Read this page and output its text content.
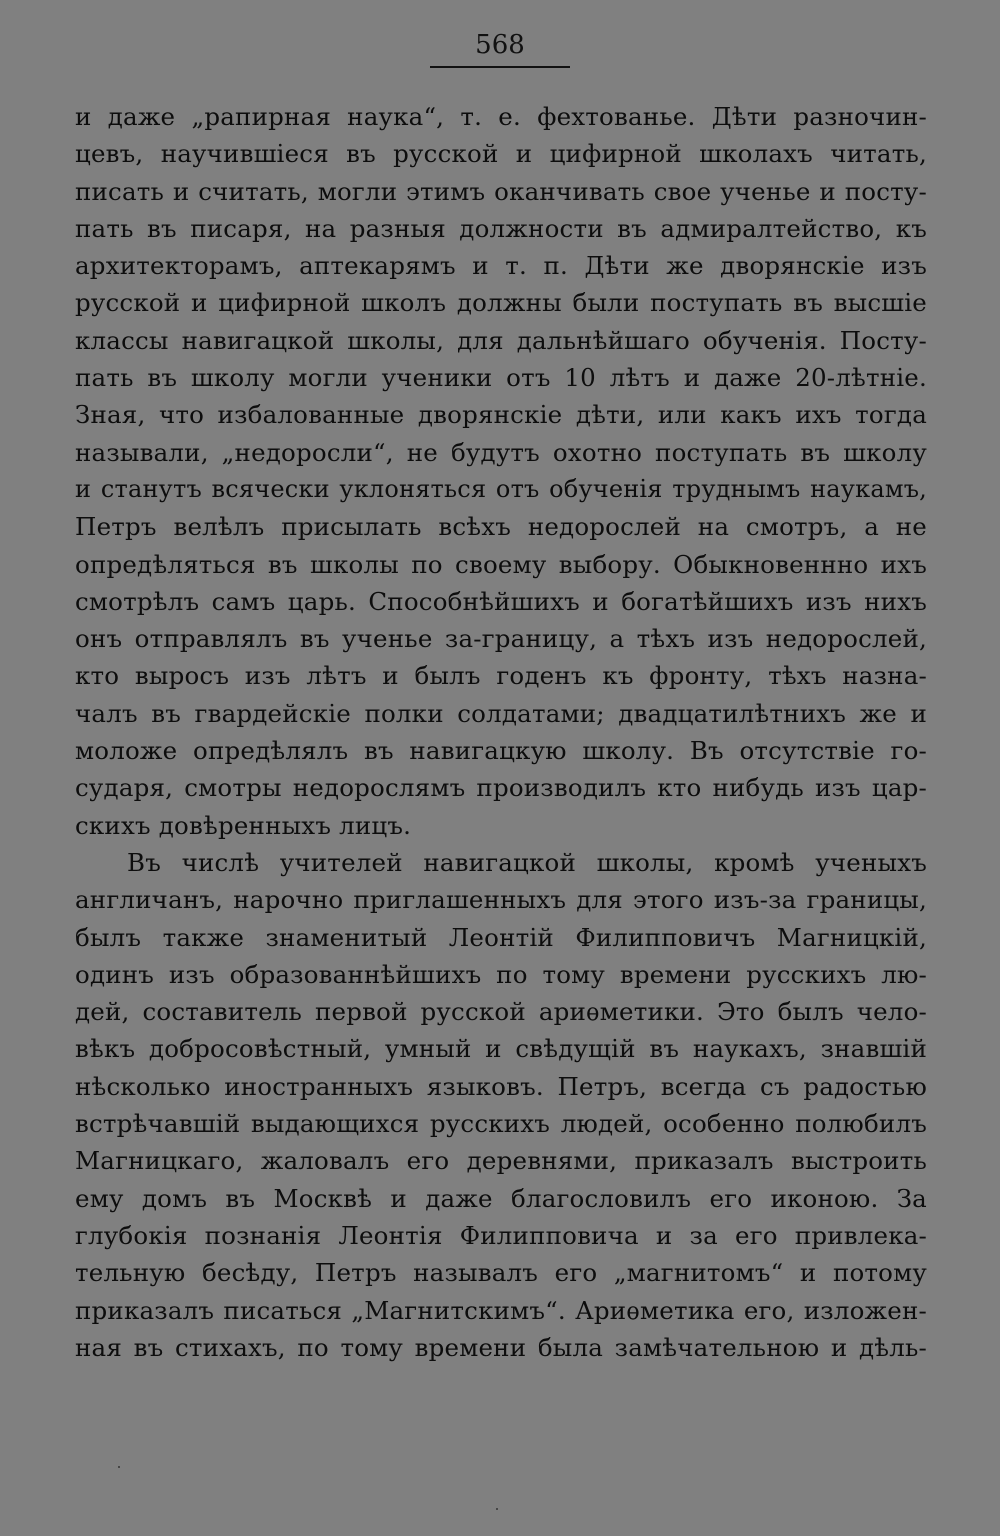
568
и даже „рапирная наука“, т. е. фехтованье. Дѣти разночин-
цевъ, научившіеся въ русской и цифирной школахъ читать,
писать и считать, могли этимъ оканчивать свое ученье и посту-
пать въ писаря, на разныя должности въ адмиралтейство, къ
архитекторамъ, аптекарямъ и т. п. Дѣти же дворянскіе изъ
русской и цифирной школъ должны были поступать въ высшіе
классы навигацкой школы, для дальнѣйшаго обученія. Посту-
пать въ школу могли ученики отъ 10 лѣтъ и даже 20-лѣтніе.
Зная, что избалованные дворянскіе дѣти, или какъ ихъ тогда
называли, „недоросли“, не будутъ охотно поступать въ школу
и станутъ всячески уклоняться отъ обученія труднымъ наукамъ,
Петръ велѣлъ присылать всѣхъ недорослей на смотръ, а не
опредѣляться въ школы по своему выбору. Обыкновеннно ихъ
смотрѣлъ самъ царь. Способнѣйшихъ и богатѣйшихъ изъ нихъ
онъ отправлялъ въ ученье за-границу, а тѣхъ изъ недорослей,
кто выросъ изъ лѣтъ и былъ годенъ къ фронту, тѣхъ назна-
чалъ въ гвардейскіе полки солдатами; двадцатилѣтнихъ же и
моложе опредѣлялъ въ навигацкую школу. Въ отсутствіе го-
сударя, смотры недорослямъ производилъ кто нибудь изъ цар-
скихъ довѣренныхъ лицъ.
Въ числѣ учителей навигацкой школы, кромѣ ученыхъ
англичанъ, нарочно приглашенныхъ для этого изъ-за границы,
былъ также знаменитый Леонтій Филипповичъ Магницкій,
одинъ изъ образованнѣйшихъ по тому времени русскихъ лю-
дей, составитель первой русской ариѳметики. Это былъ чело-
вѣкъ добросовѣстный, умный и свѣдущій въ наукахъ, знавшій
нѣсколько иностранныхъ языковъ. Петръ, всегда съ радостью
встрѣчавшій выдающихся русскихъ людей, особенно полюбилъ
Магницкаго, жаловалъ его деревнями, приказалъ выстроить
ему домъ въ Москвѣ и даже благословилъ его иконою. За
глубокія познанія Леонтія Филипповича и за его привлека-
тельную бесѣду, Петръ называлъ его „магнитомъ“ и потому
приказалъ писаться „Магнитскимъ“. Ариѳметика его, изложен-
ная въ стихахъ, по тому времени была замѣчательною и дѣль-
